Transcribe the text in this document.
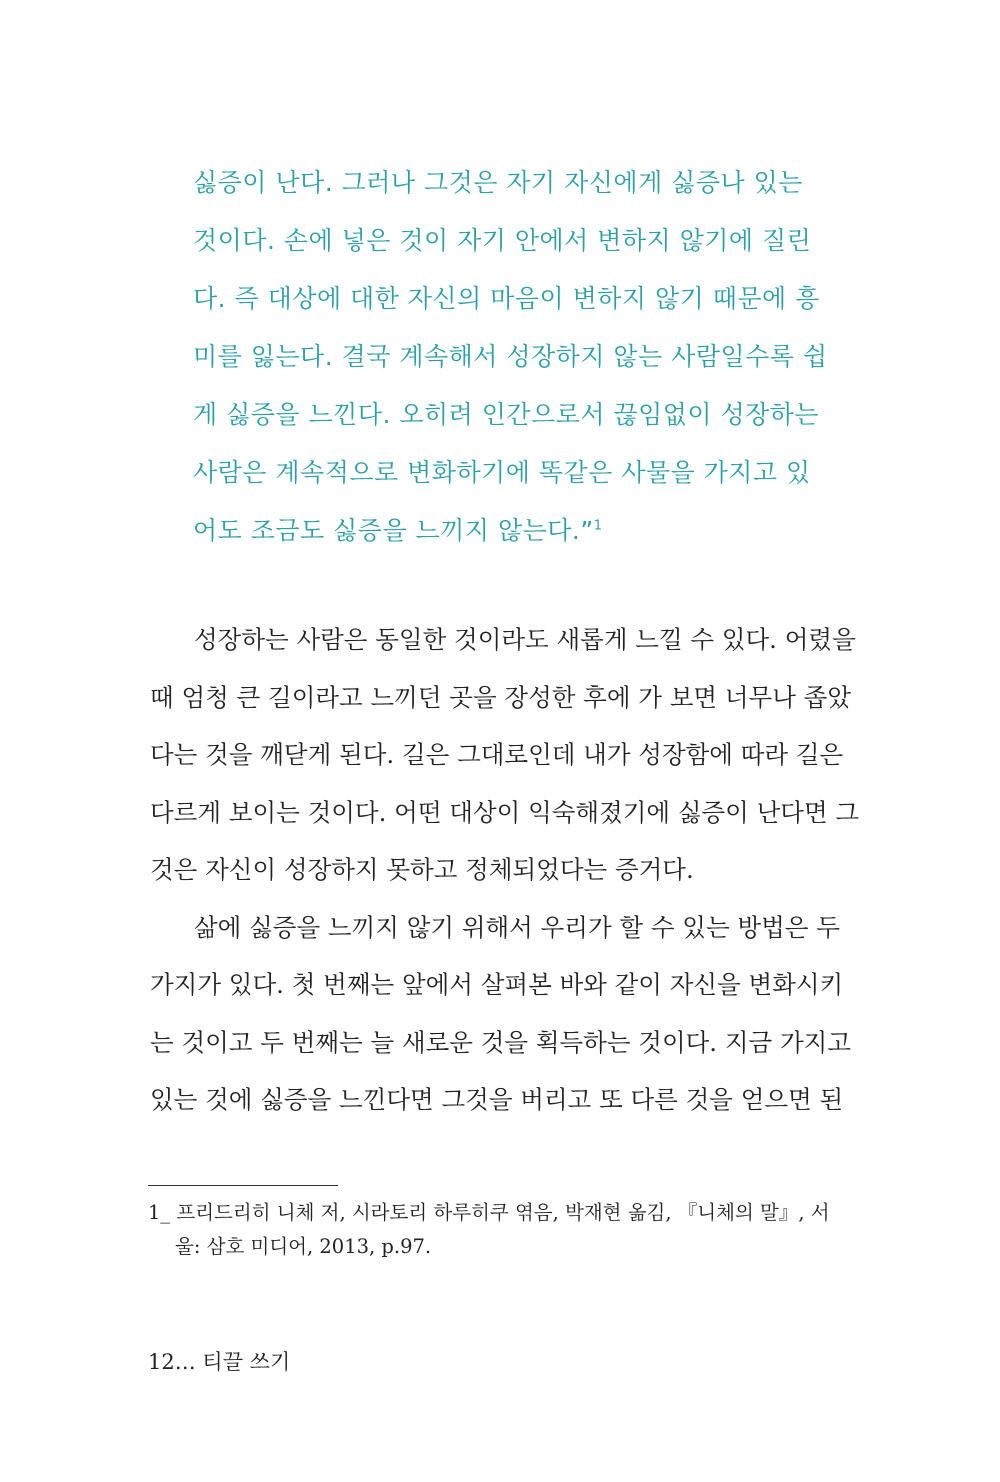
싫증이 난다. 그러나 그것은 자기 자신에게 싫증나 있는
것이다. 손에 넣은 것이 자기 안에서 변하지 않기에 질린
다. 즉 대상에 대한 자신의 마음이 변하지 않기 때문에 흥
미를 잃는다. 결국 계속해서 성장하지 않는 사람일수록 쉽
게 싫증을 느낀다. 오히려 인간으로서 끊임없이 성장하는
사람은 계속적으로 변화하기에 똑같은 사물을 가지고 있
어도 조금도 싫증을 느끼지 않는다.”$^1$
성장하는 사람은 동일한 것이라도 새롭게 느낄 수 있다. 어렸을
때 엄청 큰 길이라고 느끼던 곳을 장성한 후에 가 보면 너무나 좁았
다는 것을 깨닫게 된다. 길은 그대로인데 내가 성장함에 따라 길은
다르게 보이는 것이다. 어떤 대상이 익숙해졌기에 싫증이 난다면 그
것은 자신이 성장하지 못하고 정체되었다는 증거다.
삶에 싫증을 느끼지 않기 위해서 우리가 할 수 있는 방법은 두
가지가 있다. 첫 번째는 앞에서 살펴본 바와 같이 자신을 변화시키
는 것이고 두 번째는 늘 새로운 것을 획득하는 것이다. 지금 가지고
있는 것에 싫증을 느낀다면 그것을 버리고 또 다른 것을 얻으면 된
1_ 프리드리히 니체 저, 시라토리 하루히쿠 엮음, 박재현 옮김, 『니체의 말』, 서
울: 삼호 미디어, 2013, p.97.
12… 티끌 쓰기
